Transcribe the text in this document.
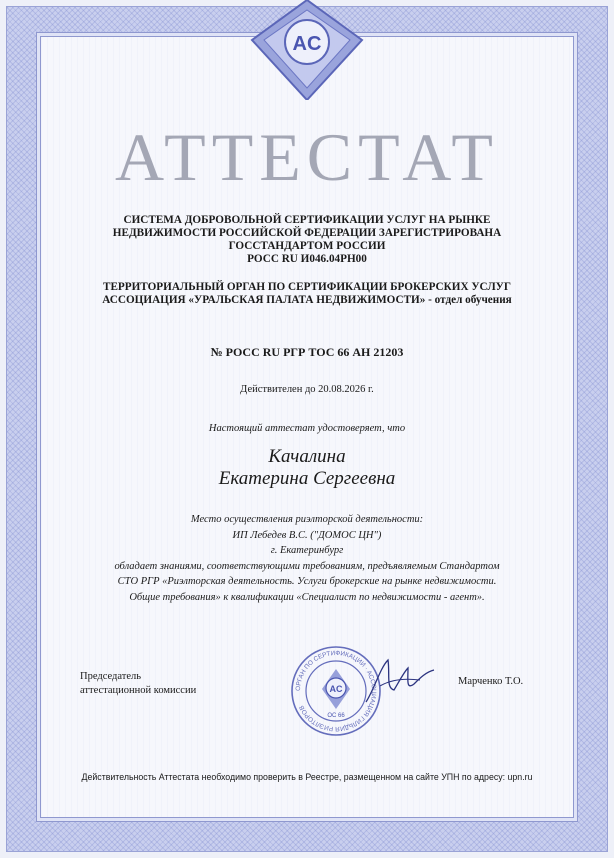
AC
АТТЕСТАТ
СИСТЕМА ДОБРОВОЛЬНОЙ СЕРТИФИКАЦИИ УСЛУГ НА РЫНКЕ
НЕДВИЖИМОСТИ РОССИЙСКОЙ ФЕДЕРАЦИИ ЗАРЕГИСТРИРОВАНА
ГОССТАНДАРТОМ РОССИИ
РОСС RU И046.04РН00
ТЕРРИТОРИАЛЬНЫЙ ОРГАН ПО СЕРТИФИКАЦИИ БРОКЕРСКИХ УСЛУГ
АССОЦИАЦИЯ «УРАЛЬСКАЯ ПАЛАТА НЕДВИЖИМОСТИ» - отдел обучения
№ РОСС RU РГР ТОС 66 АН 21203
Действителен до 20.08.2026 г.
Настоящий аттестат удостоверяет, что
Качалина
Екатерина Сергеевна
Место осуществления риэлторской деятельности:
ИП Лебедев В.С. ("ДОМОС ЦН")
г. Екатеринбург
обладает знаниями, соответствующими требованиям, предъявляемым Стандартом
СТО РГР «Риэлторская деятельность. Услуги брокерские на рынке недвижимости.
Общие требования» к квалификации «Специалист по недвижимости - агент».
Председатель
аттестационной комиссии	ОРГАН ПО СЕРТИФИКАЦИИ · АССОЦИАЦИЯ ГИЛЬДИЯ РИЭЛТОРОВ
AC
ОС 66
Марченко Т.О.
Действительность Аттестата необходимо проверить в Реестре, размещенном на сайте УПН по адресу: upn.ru
